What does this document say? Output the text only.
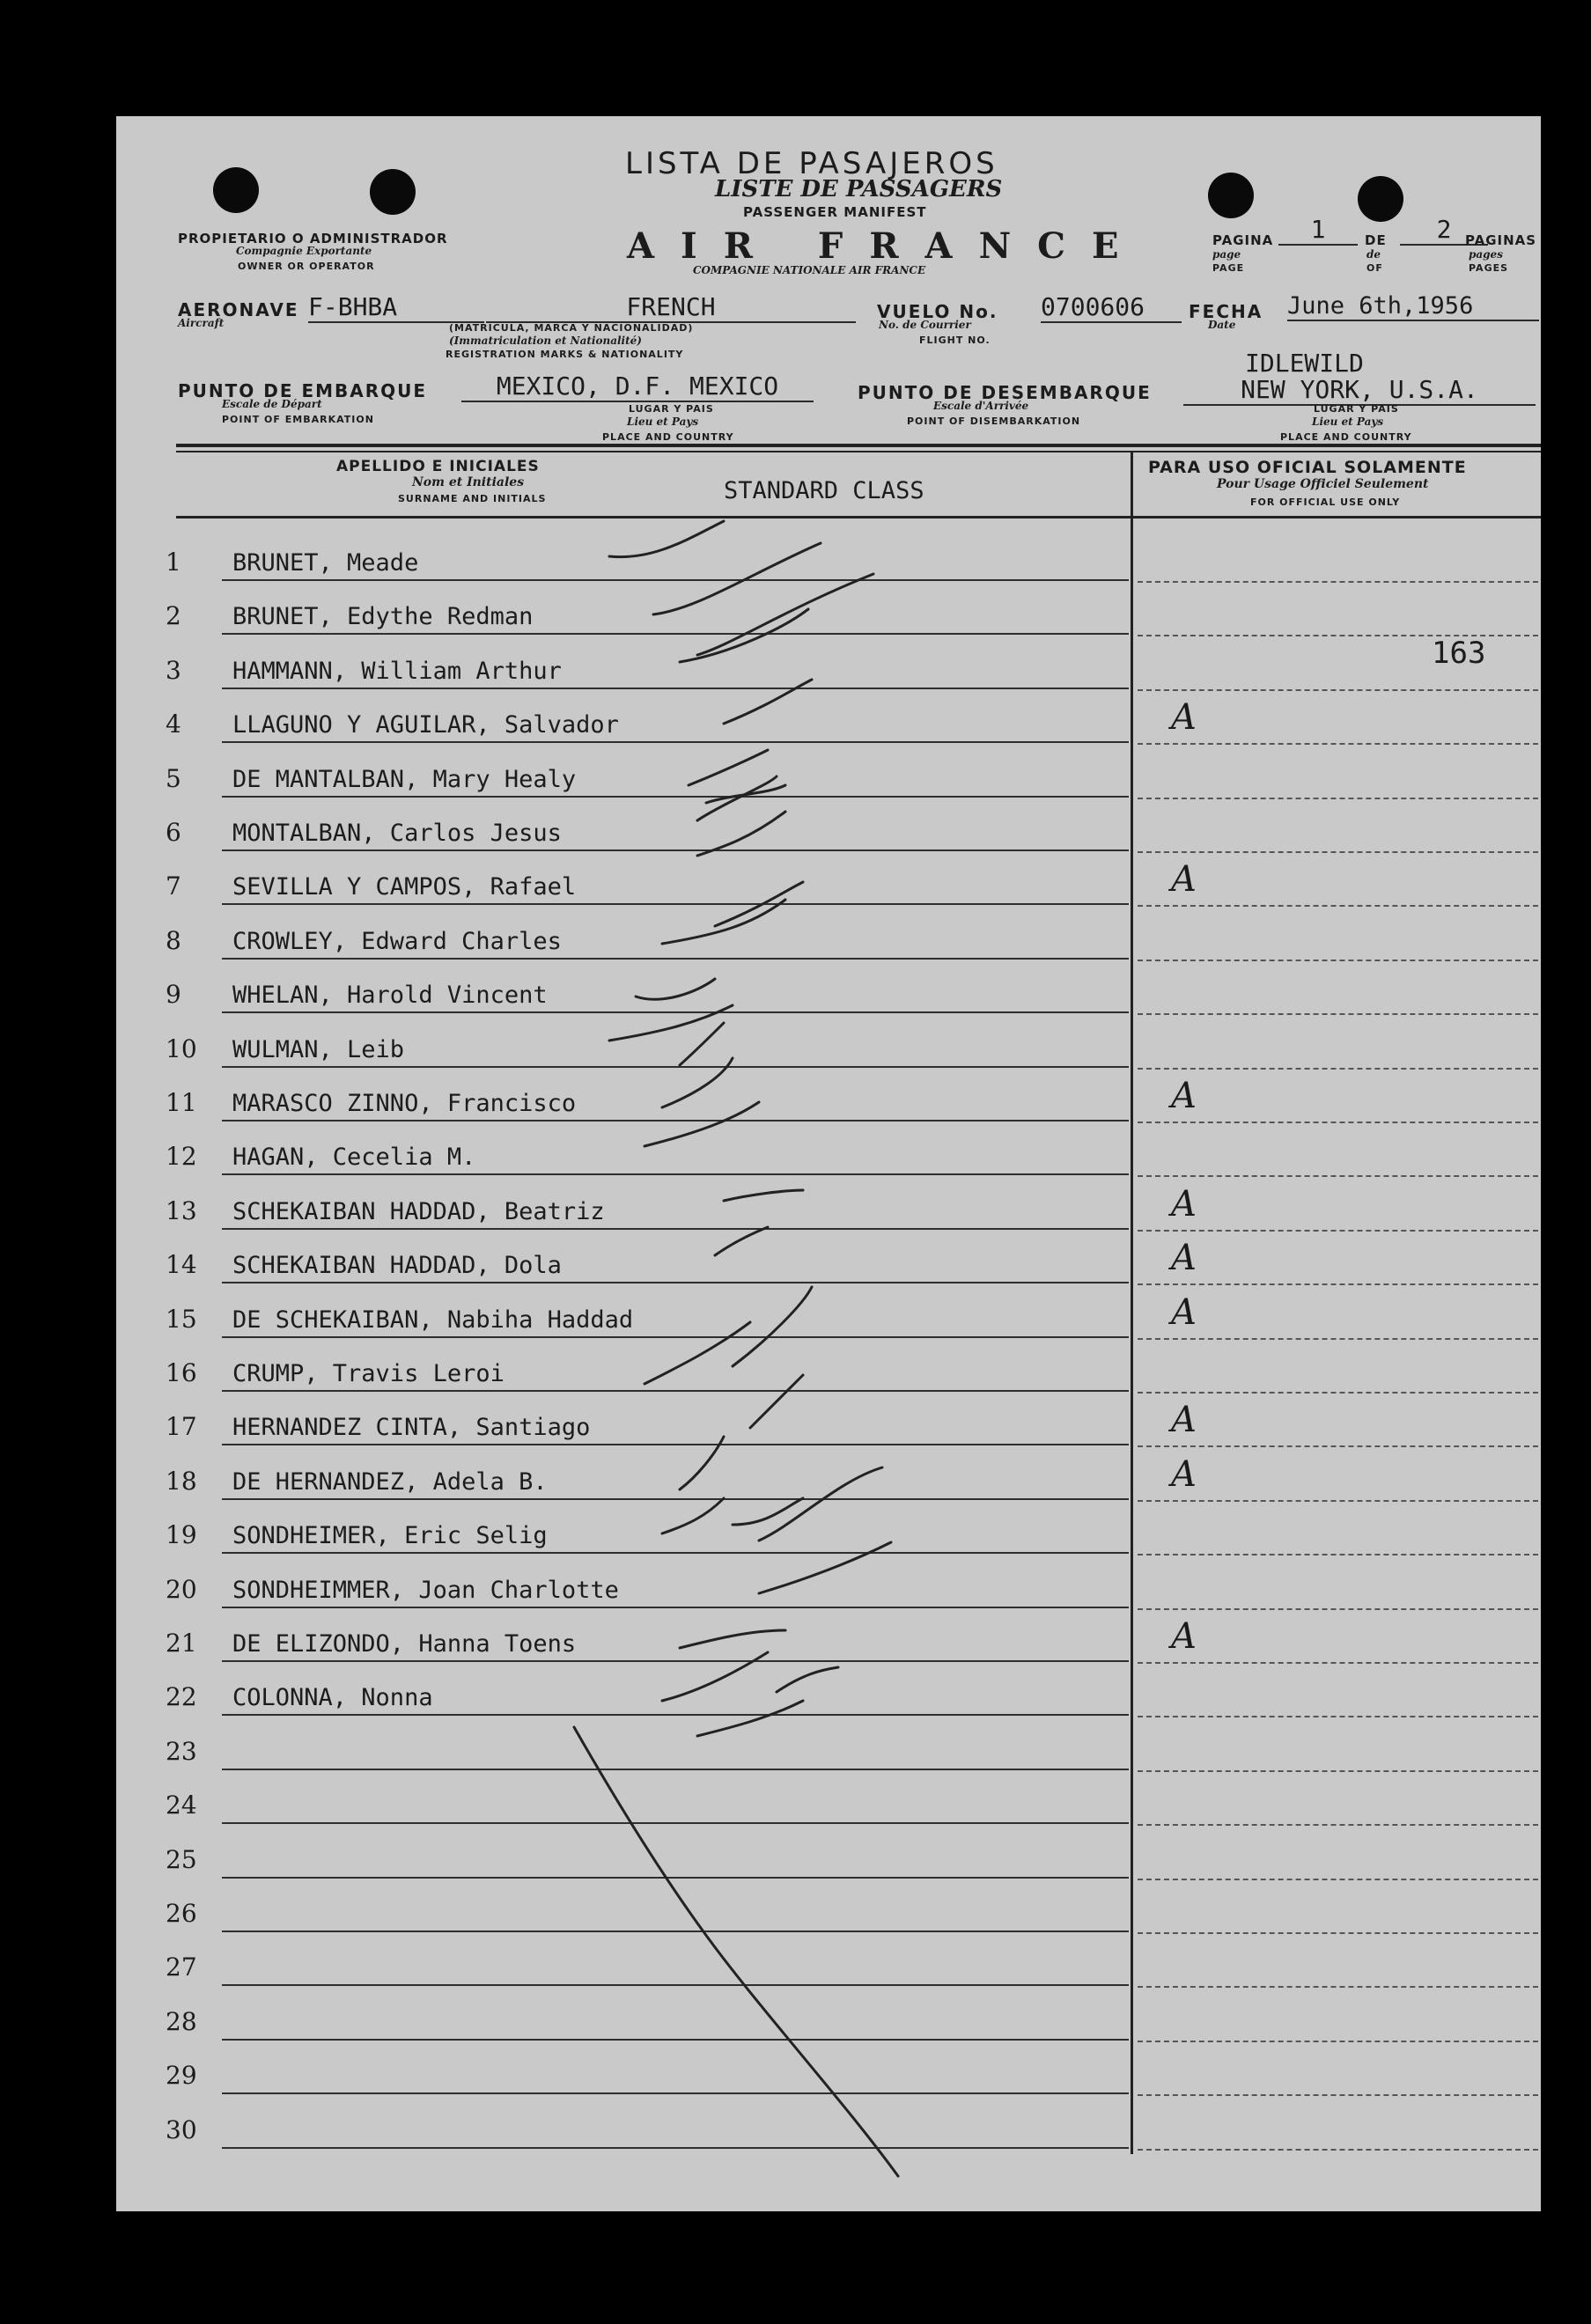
LISTA DE PASAJEROS
LISTE DE PASSAGERS
PASSENGER MANIFEST
AIR FRANCE
COMPAGNIE NATIONALE AIR FRANCE
PROPIETARIO O ADMINISTRADOR
Compagnie Exportante
OWNER OR OPERATOR
PAGINA
page
PAGE
1	DE
de
OF
2	PAGINAS
pages
PAGES
AERONAVE
Aircraft
F-BHBA	FRENCH
(MATRICULA, MARCA Y NACIONALIDAD)
(Immatriculation et Nationalité)
REGISTRATION MARKS & NATIONALITY
VUELO No.
No. de Courrier
FLIGHT NO.
0700606	FECHA
Date
June 6th,1956
PUNTO DE EMBARQUE
Escale de Départ
POINT OF EMBARKATION
MEXICO, D.F. MEXICO
LUGAR Y PAIS
Lieu et Pays
PLACE AND COUNTRY
PUNTO DE DESEMBARQUE
Escale d'Arrivée
POINT OF DISEMBARKATION
IDLEWILD
NEW YORK, U.S.A.
LUGAR Y PAIS
Lieu et Pays
PLACE AND COUNTRY
APELLIDO E INICIALES
Nom et Initiales
SURNAME AND INITIALS	STANDARD CLASS
PARA USO OFICIAL SOLAMENTE
Pour Usage Officiel Seulement
FOR OFFICIAL USE ONLY
163
1	BRUNET, Meade
2	BRUNET, Edythe Redman
3	HAMMANN, William Arthur
4	LLAGUNO Y AGUILAR, Salvador	A
5	DE MANTALBAN, Mary Healy
6	MONTALBAN, Carlos Jesus
7	SEVILLA Y CAMPOS, Rafael	A
8	CROWLEY, Edward Charles
9	WHELAN, Harold Vincent
10	WULMAN, Leib
11	MARASCO ZINNO, Francisco	A
12	HAGAN, Cecelia M.
13	SCHEKAIBAN HADDAD, Beatriz	A
14	SCHEKAIBAN HADDAD, Dola	A
15	DE SCHEKAIBAN, Nabiha Haddad	A
16	CRUMP, Travis Leroi
17	HERNANDEZ CINTA, Santiago	A
18	DE HERNANDEZ, Adela B.	A
19	SONDHEIMER, Eric Selig
20	SONDHEIMMER, Joan Charlotte
21	DE ELIZONDO, Hanna Toens	A
22	COLONNA, Nonna
23
24
25
26
27
28
29
30
